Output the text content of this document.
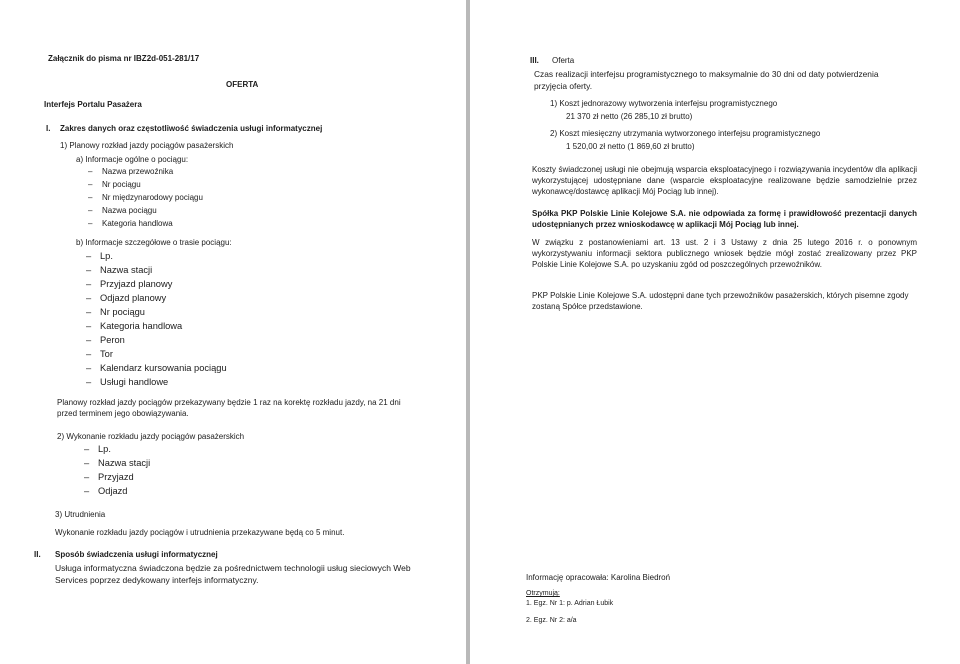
Załącznik do pisma nr IBZ2d-051-281/17
OFERTA
Interfejs Portalu Pasażera
I. Zakres danych oraz częstotliwość świadczenia usługi informatycznej
1) Planowy rozkład jazdy pociągów pasażerskich
a) Informacje ogólne o pociągu:
– Nazwa przewoźnika
– Nr pociągu
– Nr międzynarodowy pociągu
– Nazwa pociągu
– Kategoria handlowa
b) Informacje szczegółowe o trasie pociągu:
– Lp.
– Nazwa stacji
– Przyjazd planowy
– Odjazd planowy
– Nr pociągu
– Kategoria handlowa
– Peron
– Tor
– Kalendarz kursowania pociągu
– Usługi handlowe
Planowy rozkład jazdy pociągów przekazywany będzie 1 raz na korektę rozkładu jazdy, na 21 dni
przed terminem jego obowiązywania.
2) Wykonanie rozkładu jazdy pociągów pasażerskich
– Lp.
– Nazwa stacji
– Przyjazd
– Odjazd
3) Utrudnienia
Wykonanie rozkładu jazdy pociągów i utrudnienia przekazywane będą co 5 minut.
II. Sposób świadczenia usługi informatycznej
Usługa informatyczna świadczona będzie za pośrednictwem technologii usług sieciowych Web
Services poprzez dedykowany interfejs informatyczny.
III. Oferta
Czas realizacji interfejsu programistycznego to maksymalnie do 30 dni od daty potwierdzenia
przyjęcia oferty.
1) Koszt jednorazowy wytworzenia interfejsu programistycznego
21 370 zł netto (26 285,10 zł brutto)
2) Koszt miesięczny utrzymania wytworzonego interfejsu programistycznego
1 520,00 zł netto (1 869,60 zł brutto)
Koszty świadczonej usługi nie obejmują wsparcia eksploatacyjnego i rozwiązywania incydentów dla aplikacji wykorzystującej udostępniane dane (wsparcie eksploatacyjne realizowane będzie samodzielnie przez wykonawcę/dostawcę aplikacji Mój Pociąg lub innej).
Spółka PKP Polskie Linie Kolejowe S.A. nie odpowiada za formę i prawidłowość prezentacji danych udostępnianych przez wnioskodawcę w aplikacji Mój Pociąg lub innej.
W związku z postanowieniami art. 13 ust. 2 i 3 Ustawy z dnia 25 lutego 2016 r. o ponownym wykorzystywaniu informacji sektora publicznego wniosek będzie mógł zostać zrealizowany przez PKP Polskie Linie Kolejowe S.A. po uzyskaniu zgód od poszczególnych przewoźników.
PKP Polskie Linie Kolejowe S.A. udostępni dane tych przewoźników pasażerskich, których pisemne zgody zostaną Spółce przedstawione.
Informację opracowała: Karolina Biedroń
Otrzymują:
1. Egz. Nr 1: p. Adrian Łubik
2. Egz. Nr 2: a/a
